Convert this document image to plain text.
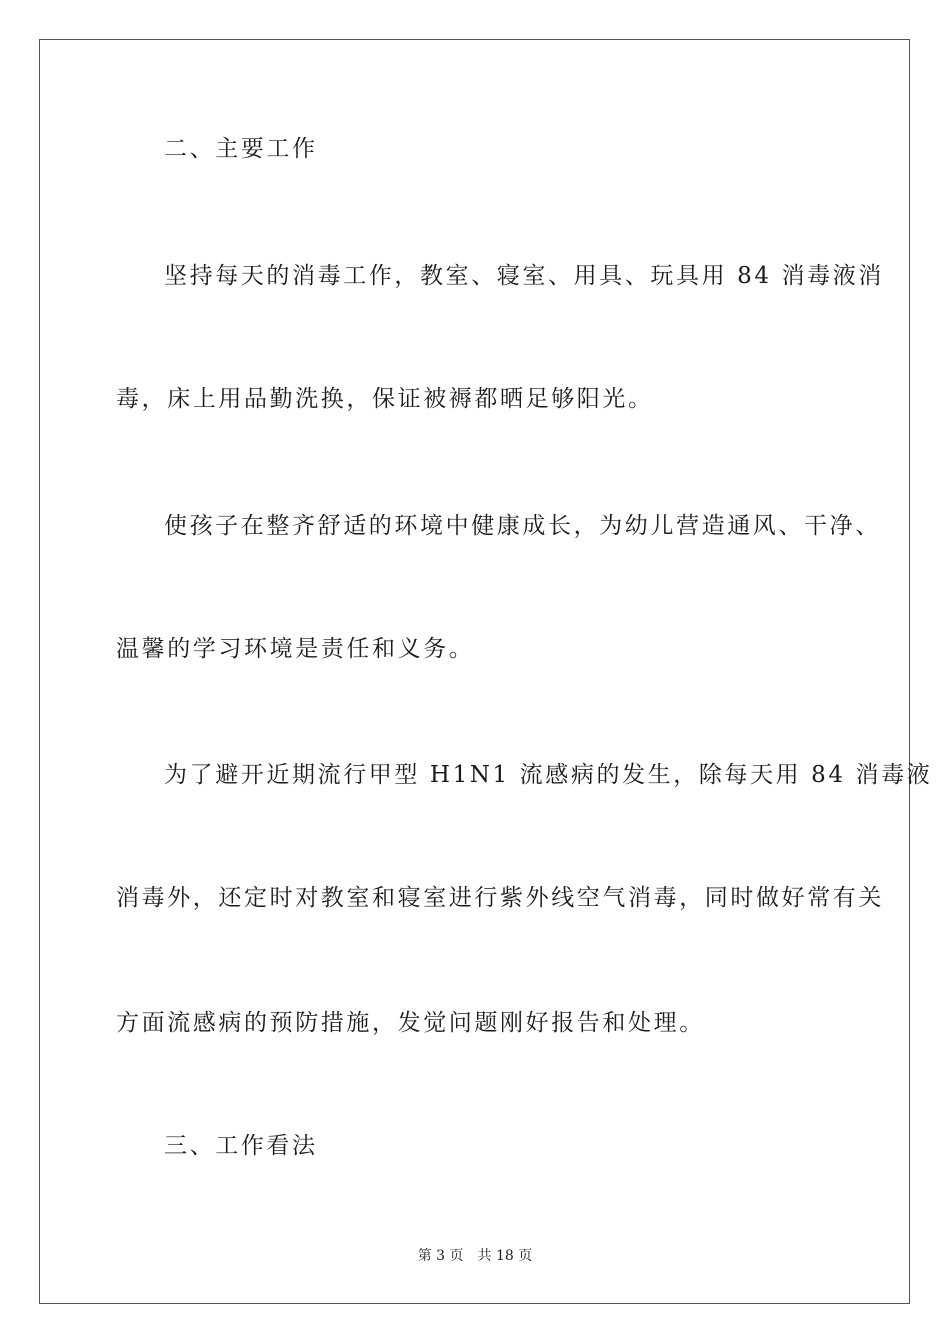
二、主要工作
坚持每天的消毒工作，教室、寝室、用具、玩具用 84 消毒液消
毒，床上用品勤洗换，保证被褥都晒足够阳光。
使孩子在整齐舒适的环境中健康成长，为幼儿营造通风、干净、
温馨的学习环境是责任和义务。
为了避开近期流行甲型 H1N1 流感病的发生，除每天用 84 消毒液
消毒外，还定时对教室和寝室进行紫外线空气消毒，同时做好常有关
方面流感病的预防措施，发觉问题刚好报告和处理。
三、工作看法
第 3 页 共 18 页
